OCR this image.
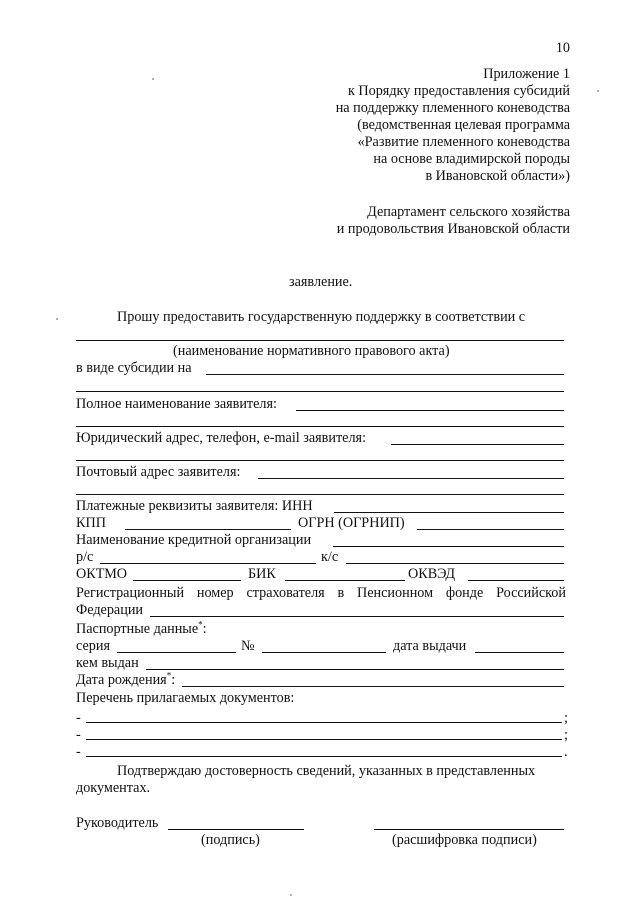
10
Приложение 1
к Порядку предоставления субсидий
на поддержку племенного коневодства
(ведомственная целевая программа
«Развитие племенного коневодства
на основе владимирской породы
в Ивановской области»)
Департамент сельского хозяйства
и продовольствия Ивановской области
заявление.
Прошу предоставить государственную поддержку в соответствии с
(наименование нормативного правового акта)
в виде субсидии на
Полное наименование заявителя:
Юридический адрес, телефон, e-mail заявителя:
Почтовый адрес заявителя:
Платежные реквизиты заявителя: ИНН
КПП	ОГРН (ОГРНИП)
Наименование кредитной организации
р/с	к/с
ОКТМО	БИК	ОКВЭД
Регистрационный номер страхователя в Пенсионном фонде Российской
Федерации
Паспортные данные*:
серия	№	дата выдачи
кем выдан
Дата рождения*:
Перечень прилагаемых документов:
-	;
-	;
-	.
Подтверждаю достоверность сведений, указанных в представленных
документах.
Руководитель
(подпись)	(расшифровка подписи)
